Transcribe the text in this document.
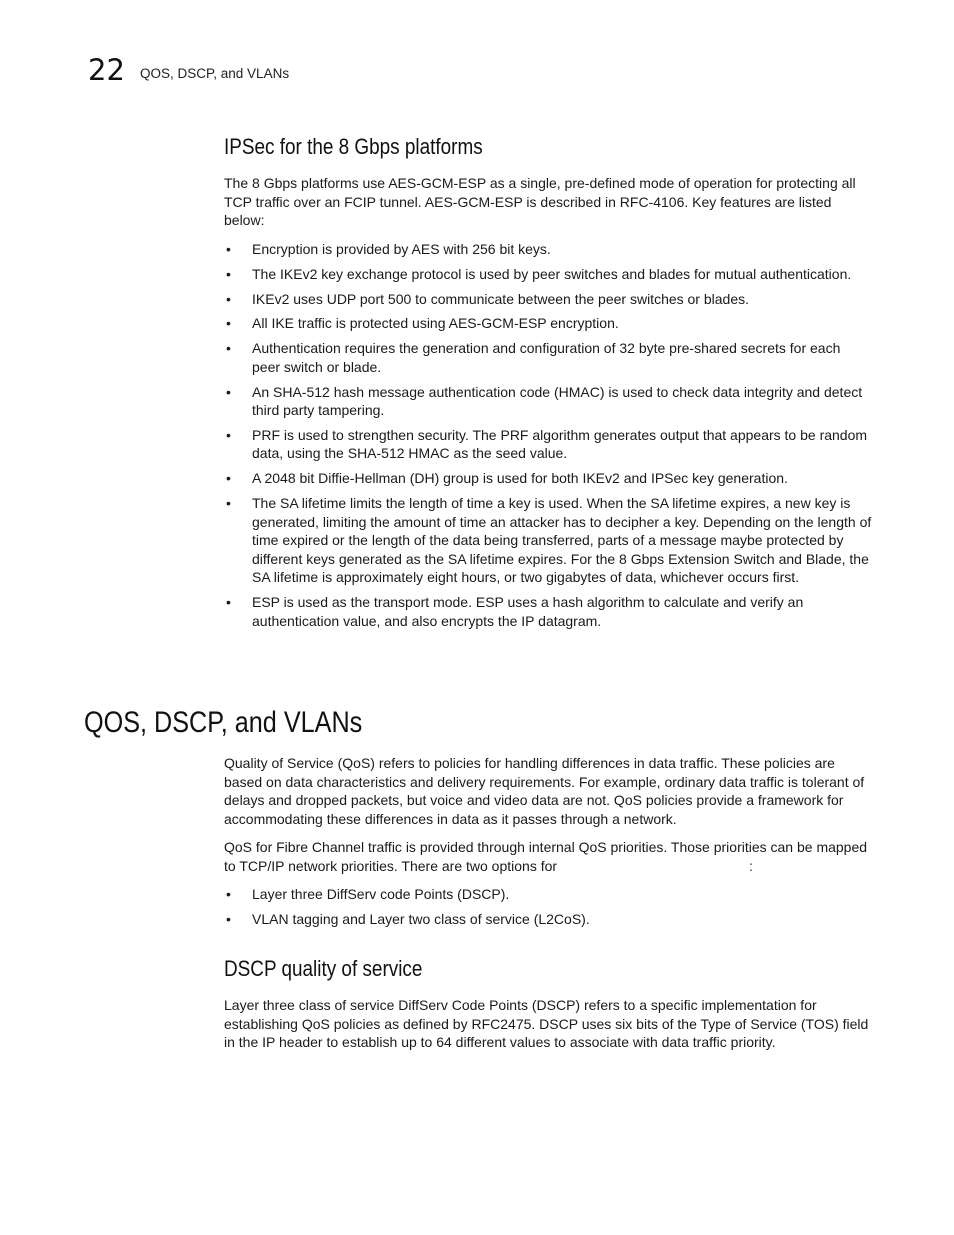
22 QOS, DSCP, and VLANs
IPSec for the 8 Gbps platforms

The 8 Gbps platforms use AES-GCM-ESP as a single, pre-defined mode of operation for protecting all TCP traffic over an FCIP tunnel. AES-GCM-ESP is described in RFC-4106. Key features are listed below:

• Encryption is provided by AES with 256 bit keys.
• The IKEv2 key exchange protocol is used by peer switches and blades for mutual authentication.
• IKEv2 uses UDP port 500 to communicate between the peer switches or blades.
• All IKE traffic is protected using AES-GCM-ESP encryption.
• Authentication requires the generation and configuration of 32 byte pre-shared secrets for each peer switch or blade.
• An SHA-512 hash message authentication code (HMAC) is used to check data integrity and detect third party tampering.
• PRF is used to strengthen security. The PRF algorithm generates output that appears to be random data, using the SHA-512 HMAC as the seed value.
• A 2048 bit Diffie-Hellman (DH) group is used for both IKEv2 and IPSec key generation.
• The SA lifetime limits the length of time a key is used. When the SA lifetime expires, a new key is generated, limiting the amount of time an attacker has to decipher a key. Depending on the length of time expired or the length of the data being transferred, parts of a message maybe protected by different keys generated as the SA lifetime expires. For the 8 Gbps Extension Switch and Blade, the SA lifetime is approximately eight hours, or two gigabytes of data, whichever occurs first.
• ESP is used as the transport mode. ESP uses a hash algorithm to calculate and verify an authentication value, and also encrypts the IP datagram.
QOS, DSCP, and VLANs

Quality of Service (QoS) refers to policies for handling differences in data traffic. These policies are based on data characteristics and delivery requirements. For example, ordinary data traffic is tolerant of delays and dropped packets, but voice and video data are not. QoS policies provide a framework for accommodating these differences in data as it passes through a network.

QoS for Fibre Channel traffic is provided through internal QoS priorities. Those priorities can be mapped to TCP/IP network priorities. There are two options for	:

• Layer three DiffServ code Points (DSCP).
• VLAN tagging and Layer two class of service (L2CoS).
DSCP quality of service

Layer three class of service DiffServ Code Points (DSCP) refers to a specific implementation for establishing QoS policies as defined by RFC2475. DSCP uses six bits of the Type of Service (TOS) field in the IP header to establish up to 64 different values to associate with data traffic priority.
